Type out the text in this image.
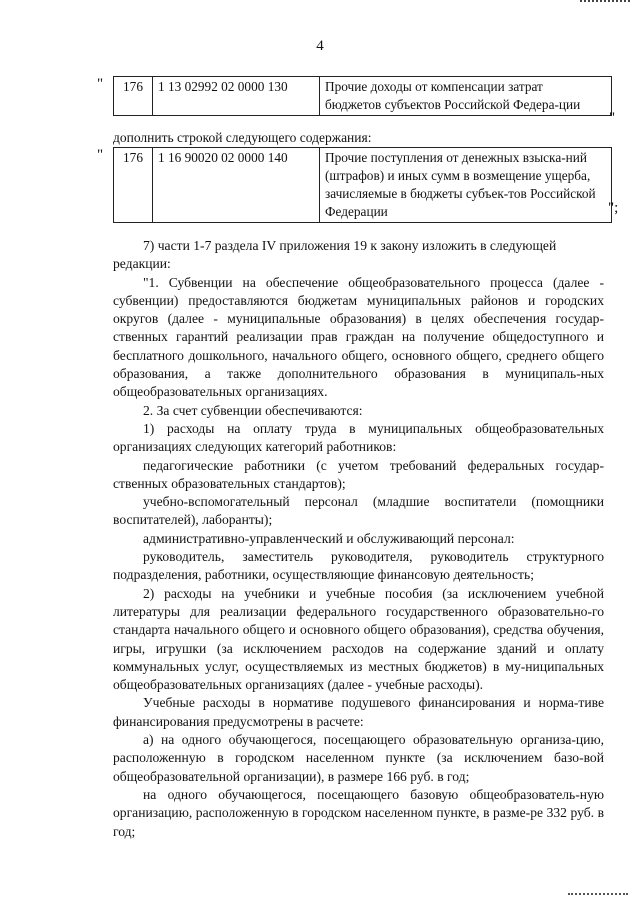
4
" 176	1 13 02992 02 0000 130	Прочие доходы от компенсации затрат бюджетов субъектов Российской Федера-ции
"
дополнить строкой следующего содержания:
" 176	1 16 90020 02 0000 140	Прочие поступления от денежных взыска-ний (штрафов) и иных сумм в возмещение ущерба, зачисляемые в бюджеты субъек-тов Российской Федерации	";

7) части 1-7 раздела IV приложения 19 к закону изложить в следующей

редакции:

"1. Субвенции на обеспечение общеобразовательного процесса (далее - субвенции) предоставляются бюджетам муниципальных районов и городских округов (далее - муниципальные образования) в целях обеспечения государ-ственных гарантий реализации прав граждан на получение общедоступного и бесплатного дошкольного, начального общего, основного общего, среднего общего образования, а также дополнительного образования в муниципаль-ных общеобразовательных организациях.

2. За счет субвенции обеспечиваются:

1) расходы на оплату труда в муниципальных общеобразовательных организациях следующих категорий работников:

педагогические работники (с учетом требований федеральных государ-ственных образовательных стандартов);

учебно-вспомогательный персонал (младшие воспитатели (помощники воспитателей), лаборанты);

административно-управленческий и обслуживающий персонал:

руководитель, заместитель руководителя, руководитель структурного подразделения, работники, осуществляющие финансовую деятельность;

2) расходы на учебники и учебные пособия (за исключением учебной литературы для реализации федерального государственного образовательно-го стандарта начального общего и основного общего образования), средства обучения, игры, игрушки (за исключением расходов на содержание зданий и оплату коммунальных услуг, осуществляемых из местных бюджетов) в му-ниципальных общеобразовательных организациях (далее - учебные расходы).

Учебные расходы в нормативе подушевого финансирования и норма-тиве финансирования предусмотрены в расчете:

а) на одного обучающегося, посещающего образовательную организа-цию, расположенную в городском населенном пункте (за исключением базо-вой общеобразовательной организации), в размере 166 руб. в год;

на одного обучающегося, посещающего базовую общеобразователь-ную организацию, расположенную в городском населенном пункте, в разме-ре 332 руб. в год;
